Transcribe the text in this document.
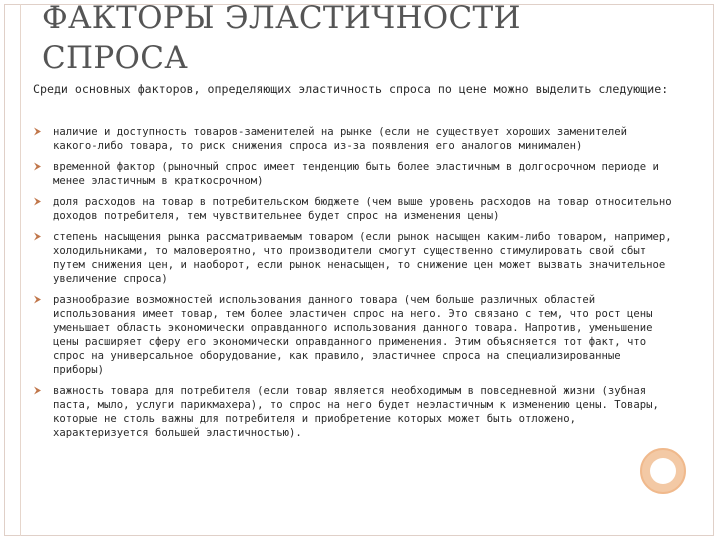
ФАКТОРЫ ЭЛАСТИЧНОСТИ
СПРОСА

Среди основных факторов, определяющих эластичность спроса по цене можно выделить следующие:

наличие и доступность товаров-заменителей на рынке (если не существует хороших заменителей какого-либо товара, то риск снижения спроса из-за появления его аналогов минимален)
временной фактор (рыночный спрос имеет тенденцию быть более эластичным в долгосрочном периоде и менее эластичным в краткосрочном)
доля расходов на товар в потребительском бюджете (чем выше уровень расходов на товар относительно доходов потребителя, тем чувствительнее будет спрос на изменения цены)
степень насыщения рынка рассматриваемым товаром (если рынок насыщен каким-либо товаром, например, холодильниками, то маловероятно, что производители смогут существенно стимулировать свой сбыт путем снижения цен, и наоборот, если рынок ненасыщен, то снижение цен может вызвать значительное увеличение спроса)
разнообразие возможностей использования данного товара (чем больше различных областей использования имеет товар, тем более эластичен спрос на него. Это связано с тем, что рост цены уменьшает область экономически оправданного использования данного товара. Напротив, уменьшение цены расширяет сферу его экономически оправданного применения. Этим объясняется тот факт, что спрос на универсальное оборудование, как правило, эластичнее спроса на специализированные приборы)
важность товара для потребителя (если товар является необходимым в повседневной жизни (зубная паста, мыло, услуги парикмахера), то спрос на него будет неэластичным к изменению цены. Товары, которые не столь важны для потребителя и приобретение которых может быть отложено, характеризуется большей эластичностью).
